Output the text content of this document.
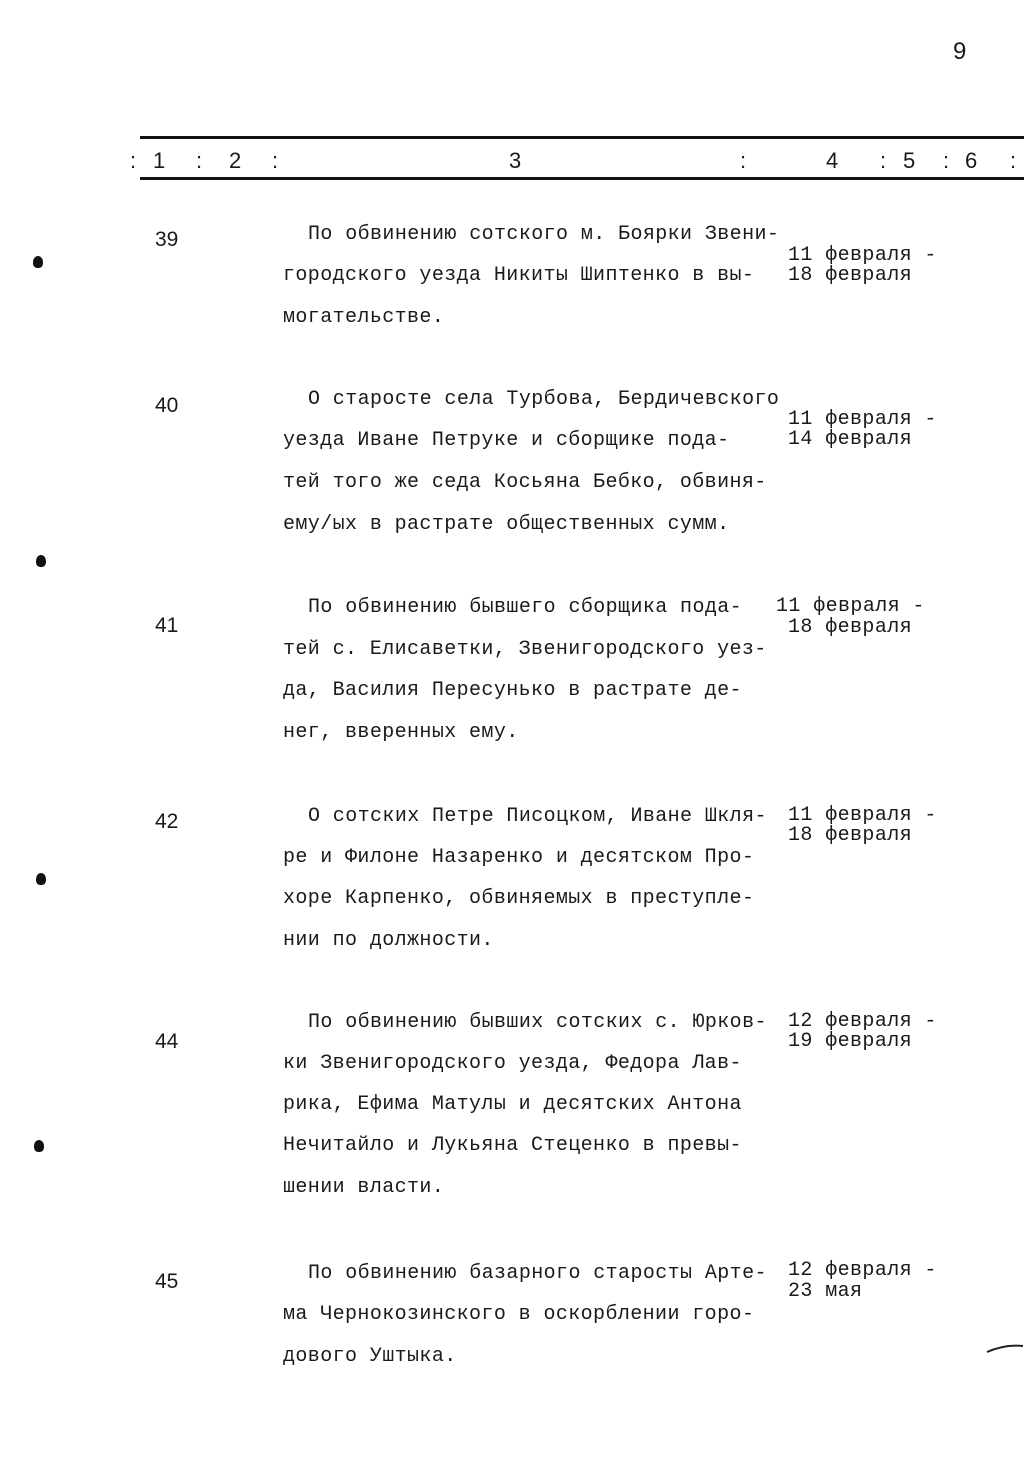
9
: 1 : 2 :	3	:	4 : 5 : 6 :
39	По обвинению сотского м. Боярки Звени-
городского уезда Никиты Шиптенко в вы-
могательстве.
11 февраля -
18 февраля
40	О старосте села Турбова, Бердичевского
уезда Иване Петруке и сборщике пода-
тей того же седа Косьяна Бебко, обвиня-
ему/ых в растрате общественных сумм.
11 февраля -
14 февраля
41
По обвинению бывшего сборщика пода-
тей с. Елисаветки, Звенигородского уез-
да, Василия Пересунько в растрате де-
нег, вверенных ему.
11 февраля -
18 февраля
42	О сотских Петре Писоцком, Иване Шкля-
ре и Филоне Назаренко и десятском Про-
хоре Карпенко, обвиняемых в преступле-
нии по должности.
11 февраля -
18 февраля
44
По обвинению бывших сотских с. Юрков-
ки Звенигородского уезда, Федора Лав-
рика, Ефима Матулы и десятских Антона
Нечитайло и Лукьяна Стеценко в превы-
шении власти.
12 февраля -
19 февраля
45	По обвинению базарного старосты Арте-
ма Чернокозинского в оскорблении горо-
дового Уштыка.
12 февраля -
23 мая
